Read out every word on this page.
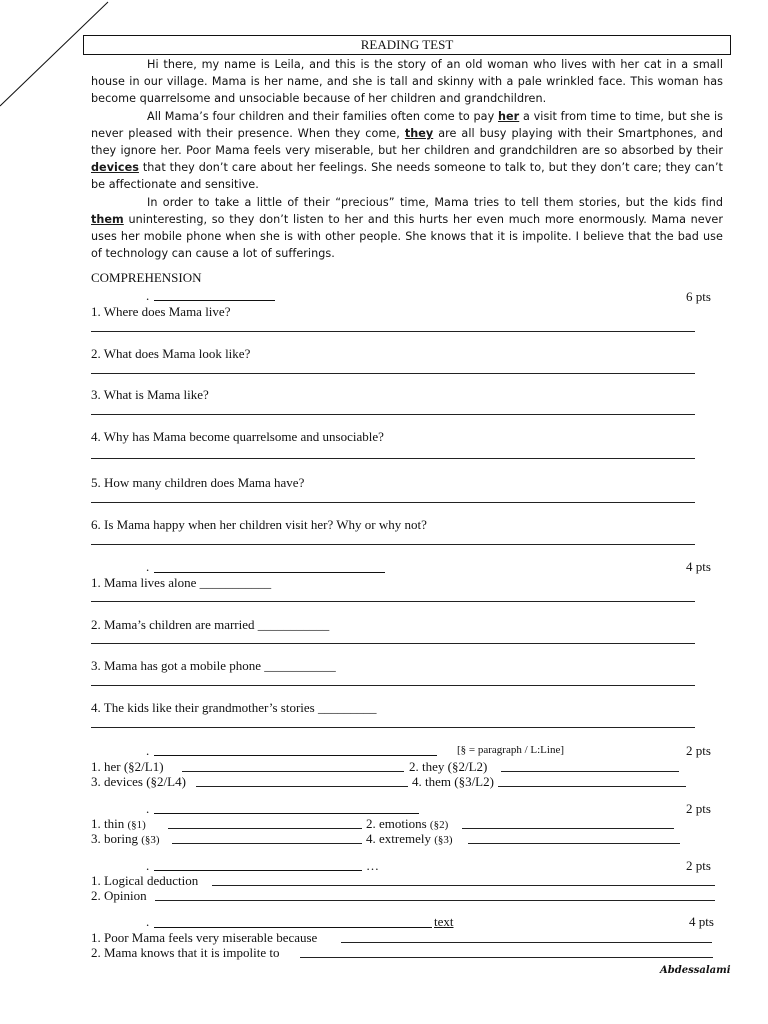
READING TEST

Hi there, my name is Leila, and this is the story of an old woman who lives with her cat in a small house in our village. Mama is her name, and she is tall and skinny with a pale wrinkled face. This woman has become quarrelsome and unsociable because of her children and grandchildren.

All Mama’s four children and their families often come to pay her a visit from time to time, but she is never pleased with their presence. When they come, they are all busy playing with their Smartphones, and they ignore her. Poor Mama feels very miserable, but her children and grandchildren are so absorbed by their devices that they don’t care about her feelings. She needs someone to talk to, but they don’t care; they can’t be affectionate and sensitive.

In order to take a little of their “precious” time, Mama tries to tell them stories, but the kids find them uninteresting, so they don’t listen to her and this hurts her even much more enormously. Mama never uses her mobile phone when she is with other people. She knows that it is impolite. I believe that the bad use of technology can cause a lot of sufferings.

COMPREHENSION
.	6 pts
1. Where does Mama live?
2. What does Mama look like?
3. What is Mama like?
4. Why has Mama become quarrelsome and unsociable?
5. How many children does Mama have?
6. Is Mama happy when her children visit her? Why or why not?
.	4 pts
1. Mama lives alone ___________
2. Mama’s children are married ___________
3. Mama has got a mobile phone ___________
4. The kids like their grandmother’s stories _________
.	[§ = paragraph / L:Line]	2 pts
1. her (§2/L1)	2. they (§2/L2)
3. devices (§2/L4)	4. them (§3/L2)
.	2 pts
1. thin (§1)	2. emotions (§2)
3. boring (§3)	4. extremely (§3)
.	…	2 pts
1. Logical deduction
2. Opinion
.	text	4 pts
1. Poor Mama feels very miserable because
2. Mama knows that it is impolite to
Abdessalami
